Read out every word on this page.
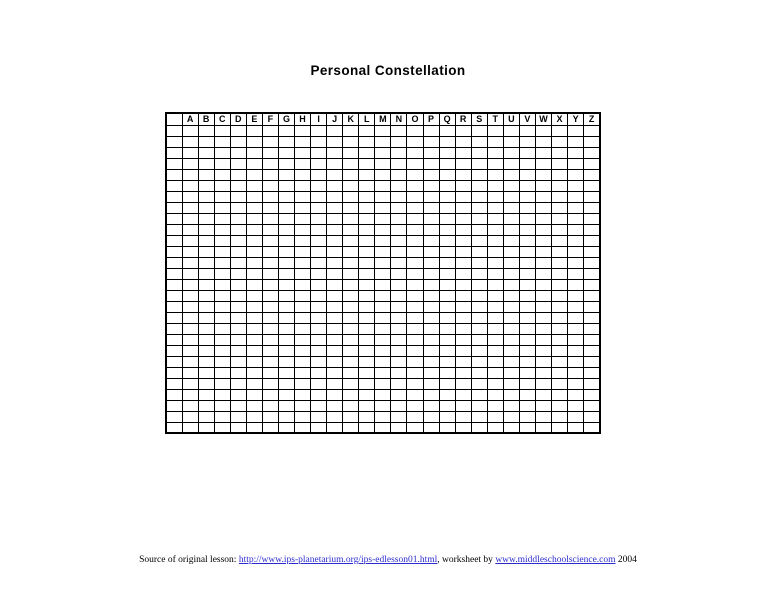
Personal Constellation
	A	B	C	D	E	F	G	H	I	J	K	L	M	N	O	P	Q	R	S	T	U	V	W	X	Y	Z

Source of original lesson: http://www.ips-planetarium.org/ips-edlesson01.html, worksheet by www.middleschoolscience.com 2004
